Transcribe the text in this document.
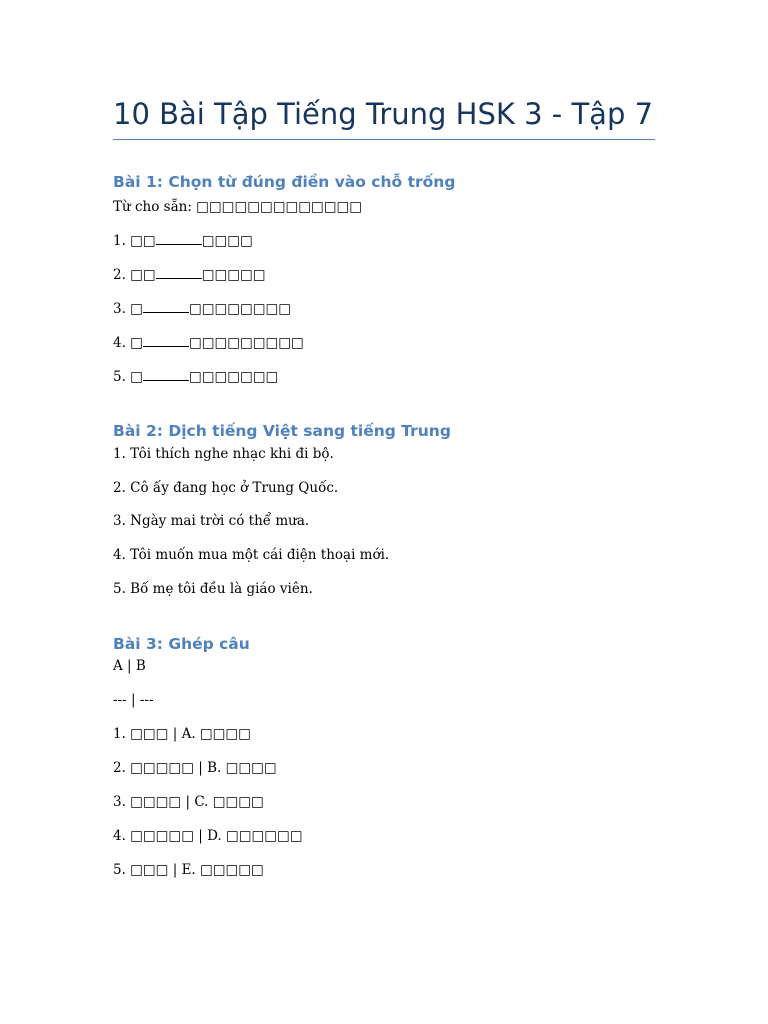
10 Bài Tập Tiếng Trung HSK 3 - Tập 7
Bài 1: Chọn từ đúng điền vào chỗ trống

Từ cho sẵn: □□□□□□□□□□□□□

1. □□	□□□□

2. □□	□□□□□

3. □	□□□□□□□□

4. □	□□□□□□□□□

5. □	□□□□□□□

Bài 2: Dịch tiếng Việt sang tiếng Trung

1. Tôi thích nghe nhạc khi đi bộ.

2. Cô ấy đang học ở Trung Quốc.

3. Ngày mai trời có thể mưa.

4. Tôi muốn mua một cái điện thoại mới.

5. Bố mẹ tôi đều là giáo viên.

Bài 3: Ghép câu

A | B

--- | ---

1. □□□ | A. □□□□

2. □□□□□ | B. □□□□

3. □□□□ | C. □□□□

4. □□□□□ | D. □□□□□□

5. □□□ | E. □□□□□
